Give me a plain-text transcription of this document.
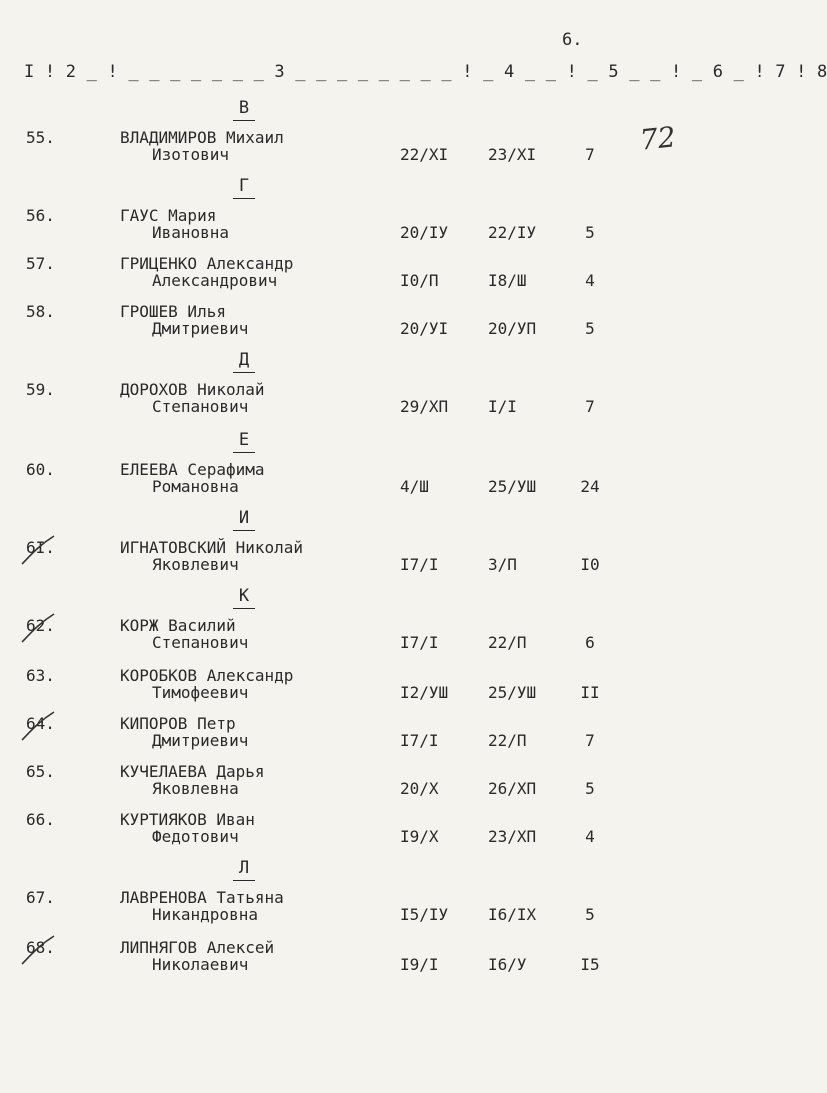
6.
I ! 2 _ ! _ _ _ _ _ _ _ 3 _ _ _ _ _ _ _ _ ! _ 4 _ _ ! _ 5 _ _ ! _ 6 _ ! 7 ! 8
72
В
55.	ВЛАДИМИРОВ Михаил
Изотович	22/XI	23/XI	7
Г
56.	ГАУС Мария
Ивановна	20/IУ	22/IУ	5
57.	ГРИЦЕНКО Александр
Александрович	I0/П	I8/Ш	4
58.	ГРОШЕВ Илья
Дмитриевич	20/УI	20/УП	5
Д
59.	ДОРОХОВ Николай
Степанович	29/XП	I/I	7
Е
60.	ЕЛЕЕВА Серафима
Романовна	4/Ш	25/УШ	24
И
6I.	ИГНАТОВСКИЙ Николай
Яковлевич	I7/I	3/П	I0
К
62.	КОРЖ Василий
Степанович	I7/I	22/П	6
63.	КОРОБКОВ Александр
Тимофеевич	I2/УШ	25/УШ	II
64.	КИПОРОВ Петр
Дмитриевич	I7/I	22/П	7
65.	КУЧЕЛАЕВА Дарья
Яковлевна	20/X	26/XП	5
66.	КУРТИЯКОВ Иван
Федотович	I9/X	23/XП	4
Л
67.	ЛАВРЕНОВА Татьяна
Никандровна	I5/IУ	I6/IX	5
68.	ЛИПНЯГОВ Алексей
Николаевич	I9/I	I6/У	I5
